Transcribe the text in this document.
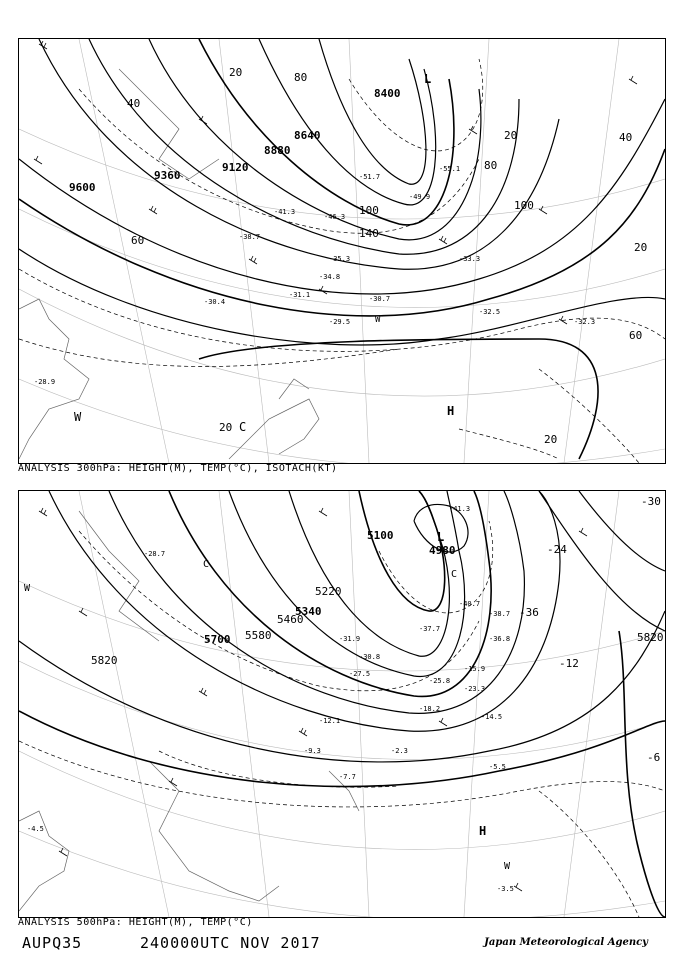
20
40
60
80
100
140
20	40
60
80
100
20
20
20
9600
9360
9120
8880
8640
8400
-55.1
-51.7
-49.9
-46.3
-41.3
-38.7
-35.3
-34.8
-33.3
-31.1	-30.7
-30.4
-29.5
-28.9
-32.5
-32.3
L
H
W
C
W
ANALYSIS 300hPa: HEIGHT(M), TEMP(°C), ISOTACH(KT)
4980
5100
5220
5340
5460
5580
5700
5820
5820
-41.3
-40.7
-38.7
-37.7
-36.8
-31.9
-30.8
-28.7
-27.5
-25.8
-23.3
-18.2
-15.9
-14.5
-12.1
-9.3
-7.7
-5.5
-4.5
-3.5
-2.3
-30
-36
-24
-12
-6
L
C
H
W
C
W
ANALYSIS 500hPa: HEIGHT(M), TEMP(°C)
AUPQ35	240000UTC NOV 2017	Japan Meteorological Agency
